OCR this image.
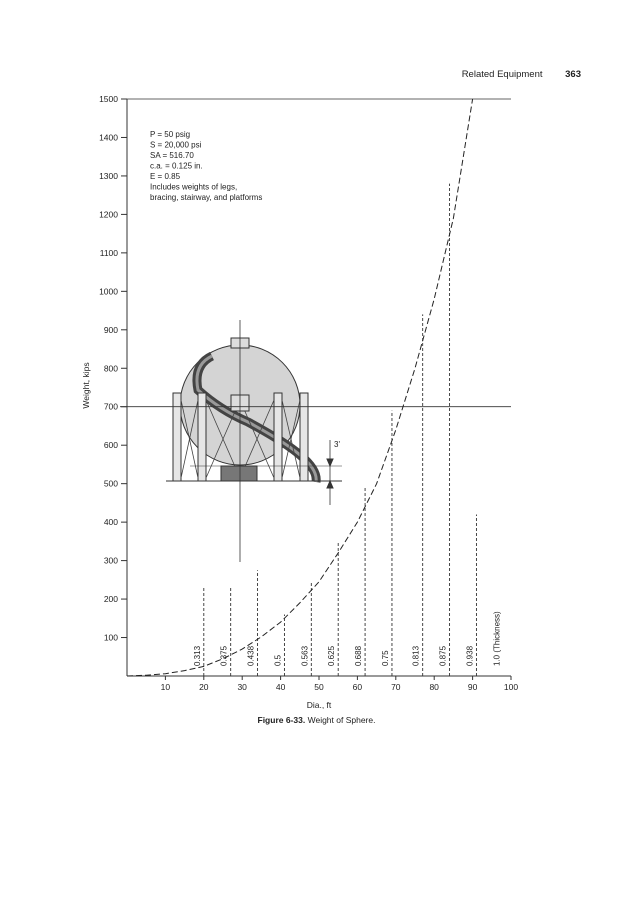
Related Equipment 363
100
200
300
400
500
600
700
800
900
1000
1100
1200
1300
1400
1500
10	20	30	40	50	60	70	80	90	100
Dia., ft
Weight, kips
0.313 0.375 0.438 0.5 0.563 0.625 0.688 0.75	0.813 0.875 0.938 1.0 (Thickness)
P = 50 psig
S = 20,000 psi
SA = 516.70
c.a. = 0.125 in.
E = 0.85
Includes weights of legs,
bracing, stairway, and platforms
3'
Figure 6-33. Weight of Sphere.
